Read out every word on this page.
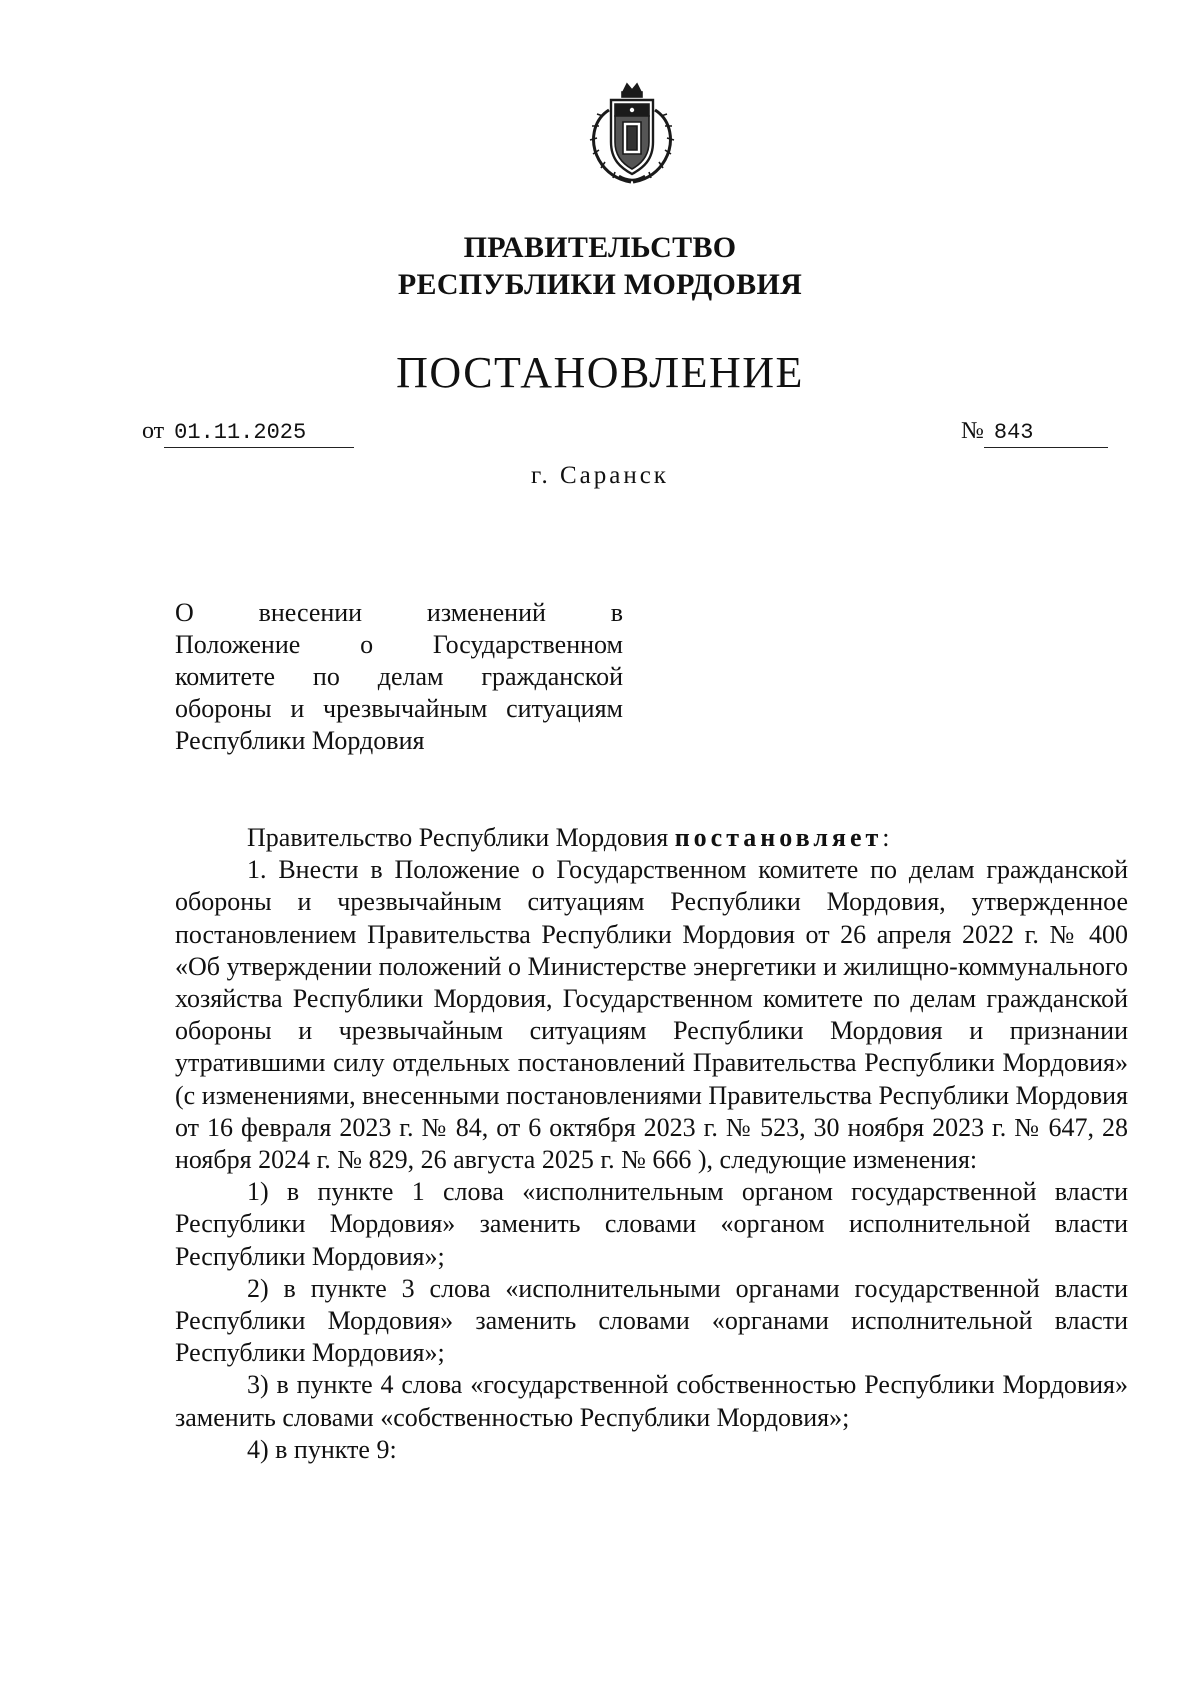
ПРАВИТЕЛЬСТВО
РЕСПУБЛИКИ МОРДОВИЯ
ПОСТАНОВЛЕНИЕ
от 01.11.2025	№ 843
г. Саранск
О внесении изменений в
Положение о Государственном
комитете по делам гражданской
обороны и чрезвычайным ситуациям
Республики Мордовия

Правительство Республики Мордовия постановляет:

1. Внести в Положение о Государственном комитете по делам гражданской обороны и чрезвычайным ситуациям Республики Мордовия, утвержденное постановлением Правительства Республики Мордовия от 26 апреля 2022 г. № 400 «Об утверждении положений о Министерстве энергетики и жилищно-коммунального хозяйства Республики Мордовия, Государственном комитете по делам гражданской обороны и чрезвычайным ситуациям Республики Мордовия и признании утратившими силу отдельных постановлений Правительства Республики Мордовия» (с изменениями, внесенными постановлениями Правительства Республики Мордовия от 16 февраля 2023 г. № 84, от 6 октября 2023 г. № 523, 30 ноября 2023 г. № 647, 28 ноября 2024 г. № 829, 26 августа 2025 г. № 666 ), следующие изменения:

1) в пункте 1 слова «исполнительным органом государственной власти Республики Мордовия» заменить словами «органом исполнительной власти Республики Мордовия»;

2) в пункте 3 слова «исполнительными органами государственной власти Республики Мордовия» заменить словами «органами исполнительной власти Республики Мордовия»;

3) в пункте 4 слова «государственной собственностью Республики Мордовия» заменить словами «собственностью Республики Мордовия»;

4) в пункте 9:
